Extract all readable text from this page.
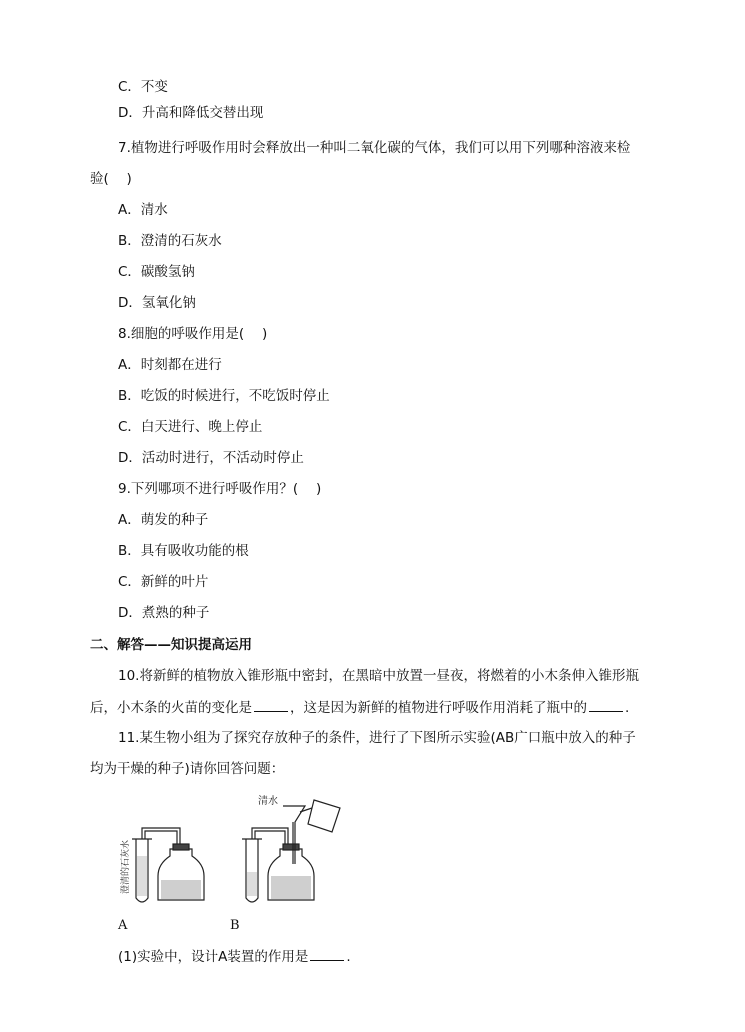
C．不变
D．升高和降低交替出现
7.植物进行呼吸作用时会释放出一种叫二氧化碳的气体，我们可以用下列哪种溶液来检
验(　 )
A．清水
B．澄清的石灰水
C．碳酸氢钠
D．氢氧化钠
8.细胞的呼吸作用是(　 )
A．时刻都在进行
B．吃饭的时候进行，不吃饭时停止
C．白天进行、晚上停止
D．活动时进行，不活动时停止
9.下列哪项不进行呼吸作用？(　 )
A．萌发的种子
B．具有吸收功能的根
C．新鲜的叶片
D．煮熟的种子
二、解答——知识提高运用
10.将新鲜的植物放入锥形瓶中密封，在黑暗中放置一昼夜，将燃着的小木条伸入锥形瓶
后，小木条的火苗的变化是	，这是因为新鲜的植物进行呼吸作用消耗了瓶中的	.
11.某生物小组为了探究存放种子的条件，进行了下图所示实验(AB广口瓶中放入的种子
均为干燥的种子)请你回答问题：
澄清的石灰水
清水
A	B
(1)实验中，设计A装置的作用是	.
